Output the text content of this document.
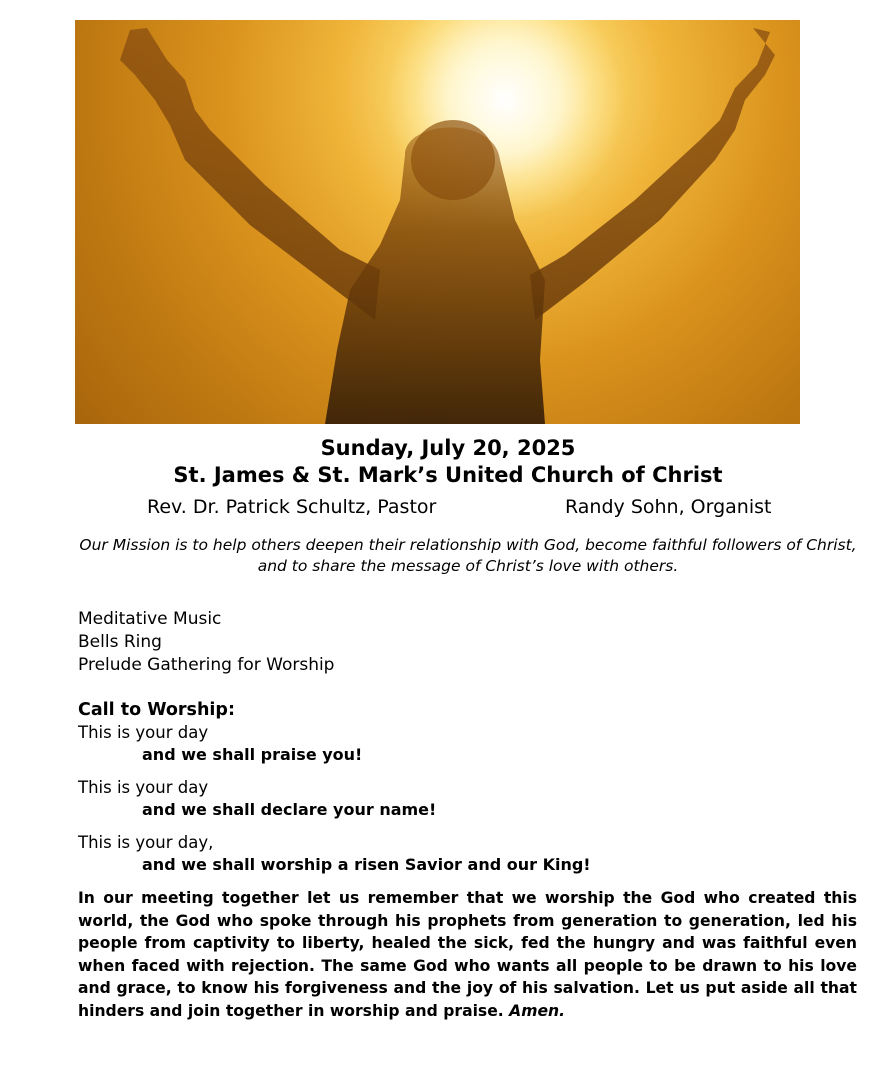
Sunday, July 20, 2025
St. James & St. Mark’s United Church of Christ
Rev. Dr. Patrick Schultz, Pastor	Randy Sohn, Organist
Our Mission is to help others deepen their relationship with God, become faithful followers of Christ, and to share the message of Christ’s love with others.
Meditative Music
Bells Ring
Prelude Gathering for Worship
Call to Worship:
This is your day
and we shall praise you!
This is your day
and we shall declare your name!
This is your day,
and we shall worship a risen Savior and our King!
In our meeting together let us remember that we worship the God who created this world, the God who spoke through his prophets from generation to generation, led his people from captivity to liberty, healed the sick, fed the hungry and was faithful even when faced with rejection. The same God who wants all people to be drawn to his love and grace, to know his forgiveness and the joy of his salvation. Let us put aside all that hinders and join together in worship and praise. Amen.
